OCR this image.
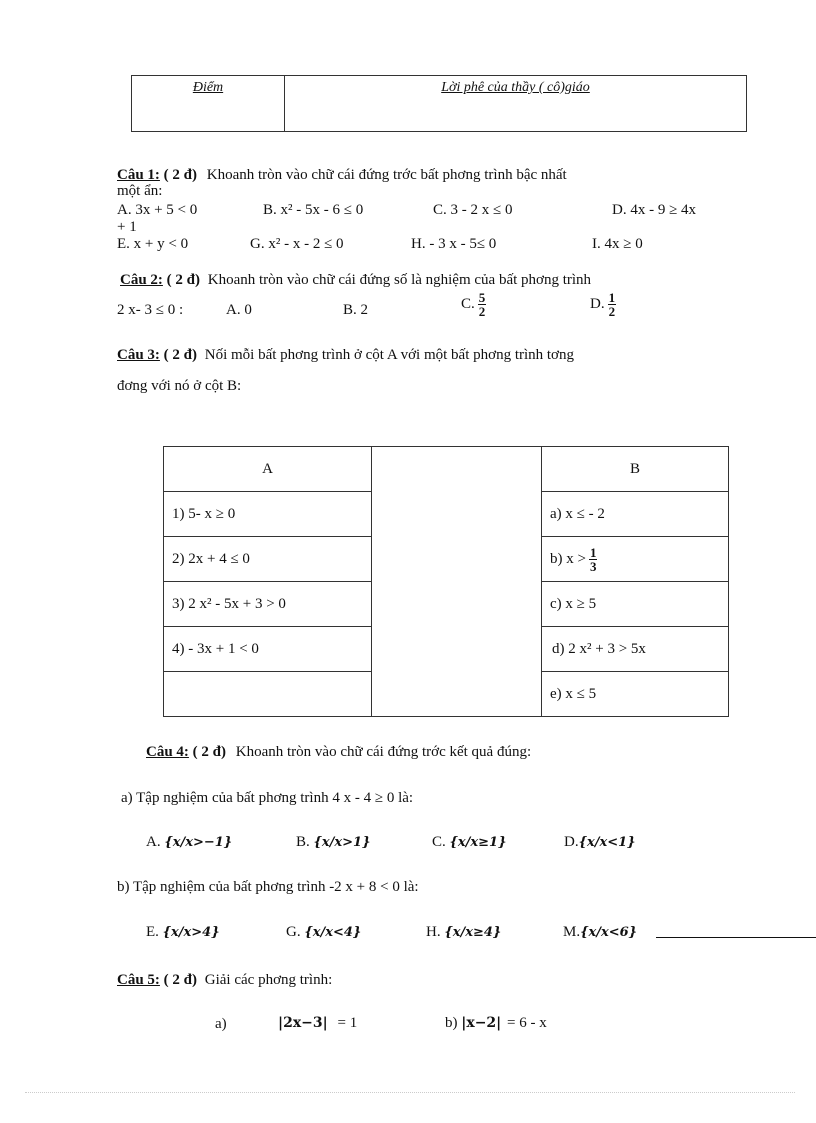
Điểm	Lời phê của thầy ( cô)giáo
Câu 1: ( 2 đ) Khoanh tròn vào chữ cái đứng trớc bất phơng trình bậc nhất
một ẩn:
A. 3x + 5 < 0	B. x² - 5x - 6 ≤ 0	C. 3 - 2 x ≤ 0	D. 4x - 9 ≥ 4x
+ 1
E. x + y < 0	G. x² - x - 2 ≤ 0	H. - 3 x - 5≤ 0	I. 4x ≥ 0
Câu 2: ( 2 đ) Khoanh tròn vào chữ cái đứng số là nghiệm của bất phơng trình
2 x- 3 ≤ 0 :	A. 0	B. 2	C. $\frac{5}{2}$	D. $\frac{1}{2}$
Câu 3: ( 2 đ) Nối mỗi bất phơng trình ở cột A với một bất phơng trình tơng
đơng với nó ở cột B:
A		B
1) 5- x ≥ 0		a) x ≤ - 2
2) 2x + 4 ≤ 0		b) $x > \frac{1}{3}$

3) 2 x² - 5x + 3 > 0		c) x ≥ 5
4) - 3x + 1 < 0		d) 2 x² + 3 > 5x
		e) x ≤ 5
Câu 4: ( 2 đ) Khoanh tròn vào chữ cái đứng trớc kết quả đúng:
a) Tập nghiệm của bất phơng trình 4 x - 4 ≥ 0 là:
A. {x/x>−1}	B. {x/x>1}	C. {x/x≥1}	D.{x/x<1}
b) Tập nghiệm của bất phơng trình -2 x + 8 < 0 là:
E. {x/x>4}	G. {x/x<4}	H. {x/x≥4}	M.{x/x<6}
Câu 5: ( 2 đ) Giải các phơng trình:
a)	|2x−3| = 1	b) |x−2| = 6 - x
